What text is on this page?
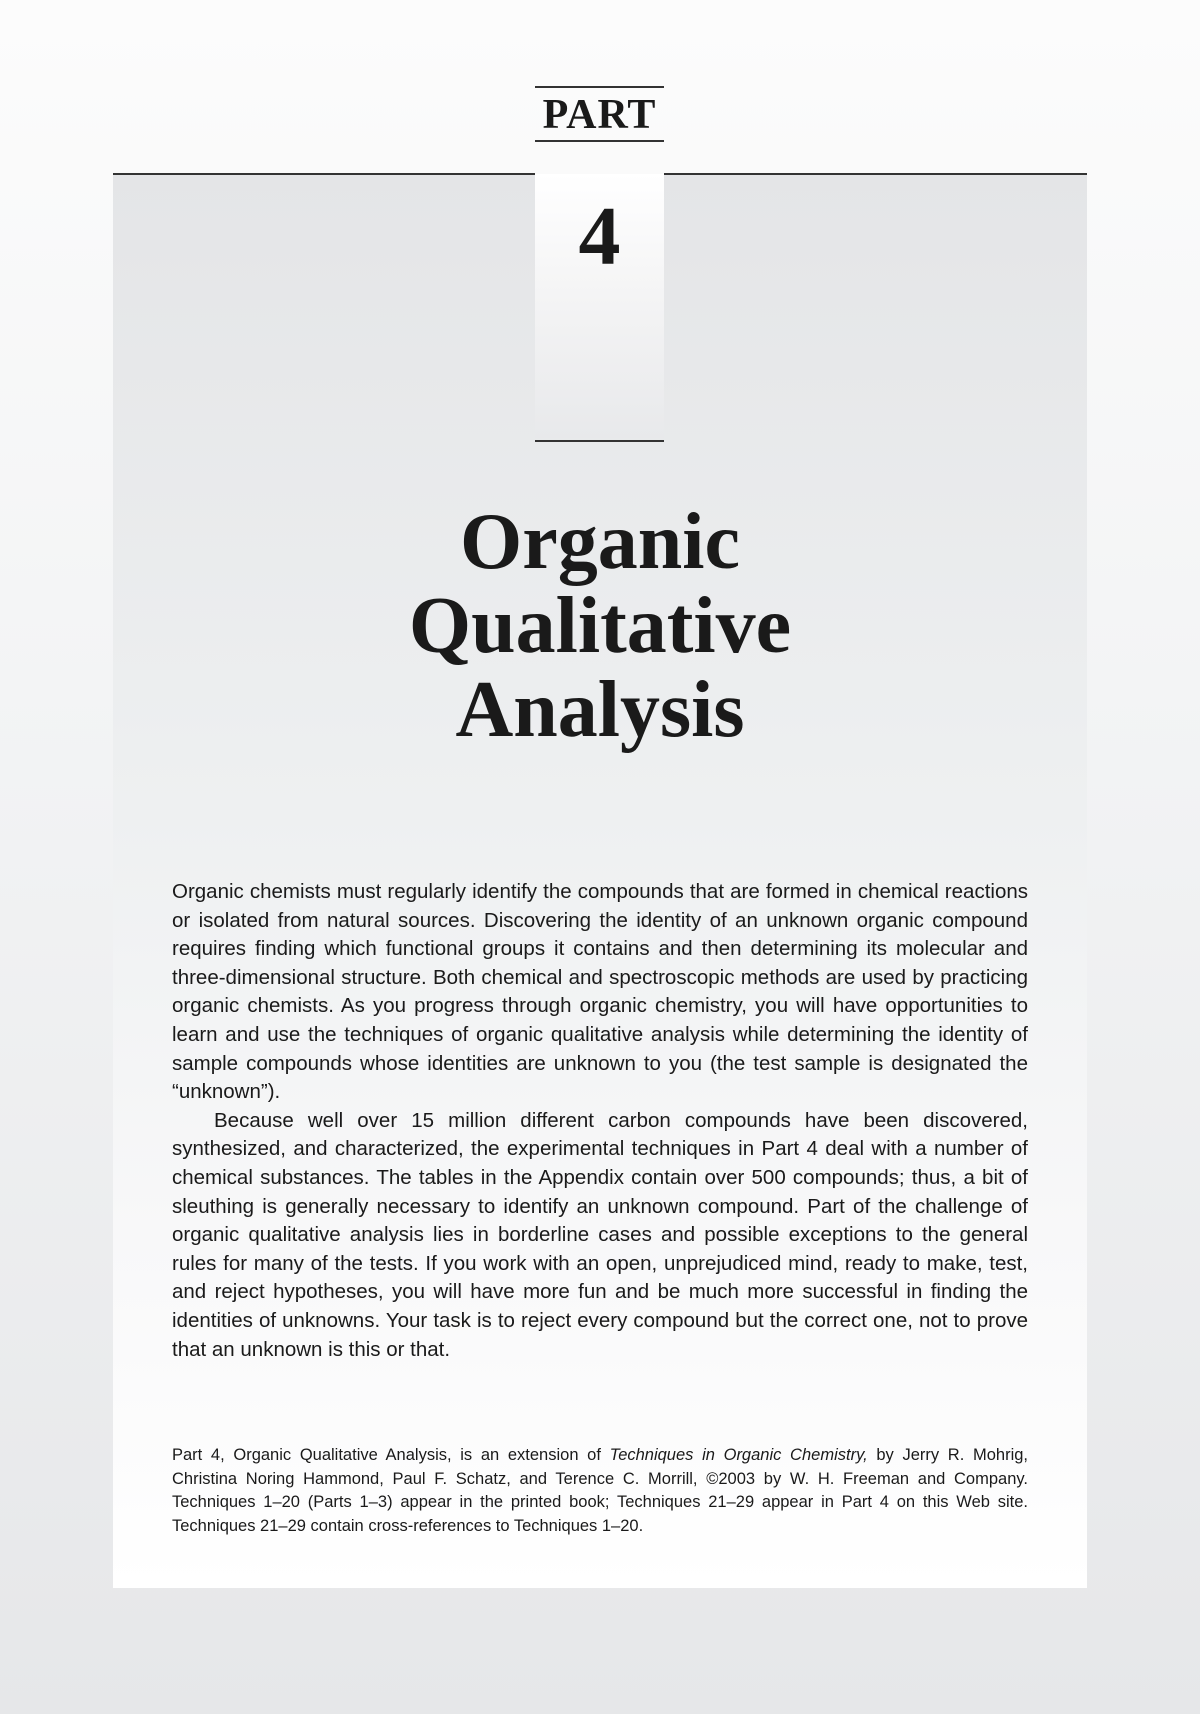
PART
4
Organic
Qualitative
Analysis

Organic chemists must regularly identify the compounds that are formed in chemical reactions or isolated from natural sources. Discovering the identity of an unknown organic compound requires finding which functional groups it contains and then determining its molecular and three-dimensional structure. Both chemical and spectroscopic methods are used by practicing organic chemists. As you progress through organic chemistry, you will have opportunities to learn and use the techniques of organic qualitative analysis while determining the identity of sample compounds whose identities are unknown to you (the test sample is designated the “unknown”).

Because well over 15 million different carbon compounds have been discovered, synthesized, and characterized, the experimental techniques in Part 4 deal with a number of chemical substances. The tables in the Appendix contain over 500 compounds; thus, a bit of sleuthing is generally necessary to identify an unknown compound. Part of the challenge of organic qualitative analysis lies in borderline cases and possible exceptions to the general rules for many of the tests. If you work with an open, unprejudiced mind, ready to make, test, and reject hypotheses, you will have more fun and be much more successful in finding the identities of unknowns. Your task is to reject every compound but the correct one, not to prove that an unknown is this or that.

Part 4, Organic Qualitative Analysis, is an extension of Techniques in Organic Chemistry, by Jerry R. Mohrig, Christina Noring Hammond, Paul F. Schatz, and Terence C. Morrill, ©2003 by W. H. Freeman and Company. Techniques 1–20 (Parts 1–3) appear in the printed book; Techniques 21–29 appear in Part 4 on this Web site. Techniques 21–29 contain cross-references to Techniques 1–20.
